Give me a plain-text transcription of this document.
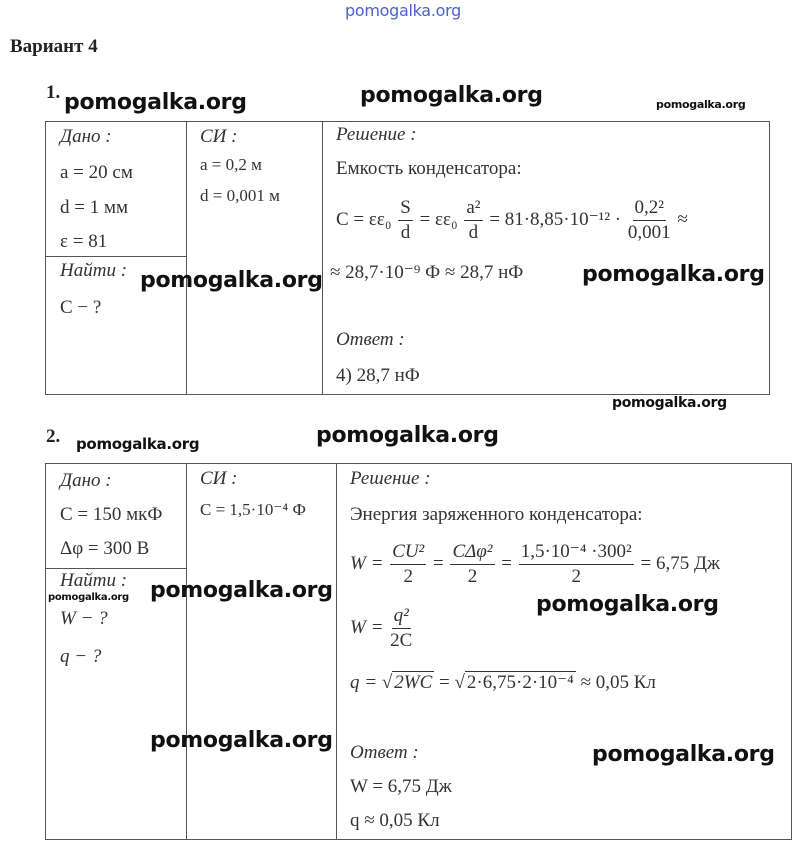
pomogalka.org
Вариант 4
1.
Дано :
a = 20 см
d = 1 мм
ε = 81
Найти :
C − ?
СИ :
a = 0,2 м
d = 0,001 м
Решение :
Емкость конденсатора:
$C = \varepsilon\varepsilon_0 \frac{S}{d} = \varepsilon\varepsilon_0 \frac{\text{a²}}{d} = 81\cdot 8,85\cdot 10^{-12} \cdot \frac{\text{0,2²}}{0,001}$ ≈
≈ 28,7·10⁻⁹ Ф ≈ 28,7 нФ
Ответ :
4) 28,7 нФ
2.
Дано :
C = 150 мкФ
Δφ = 300 В
Найти :
W − ?
q − ?
СИ :
C = 1,5·10⁻⁴ Ф
Решение :
Энергия заряженного конденсатора:
$W = \frac{\text{CU²}}{2} = \frac{\text{CΔφ²}}{2} = \frac{\text{1,5·10⁻⁴ ·300²}}{2} = 6,75$ Дж
$W = \frac{\text{q²}}{2C}$
q = √ 2WC = √ 2·6,75·2·10⁻⁴ ≈ 0,05 Кл
Ответ :
W = 6,75 Дж
q ≈ 0,05 Кл
pomogalka.org	pomogalka.org	pomogalka.org
pomogalka.org
pomogalka.org
pomogalka.org
pomogalka.org	pomogalka.org
pomogalka.org
pomogalka.org	pomogalka.org
pomogalka.org
pomogalka.org
